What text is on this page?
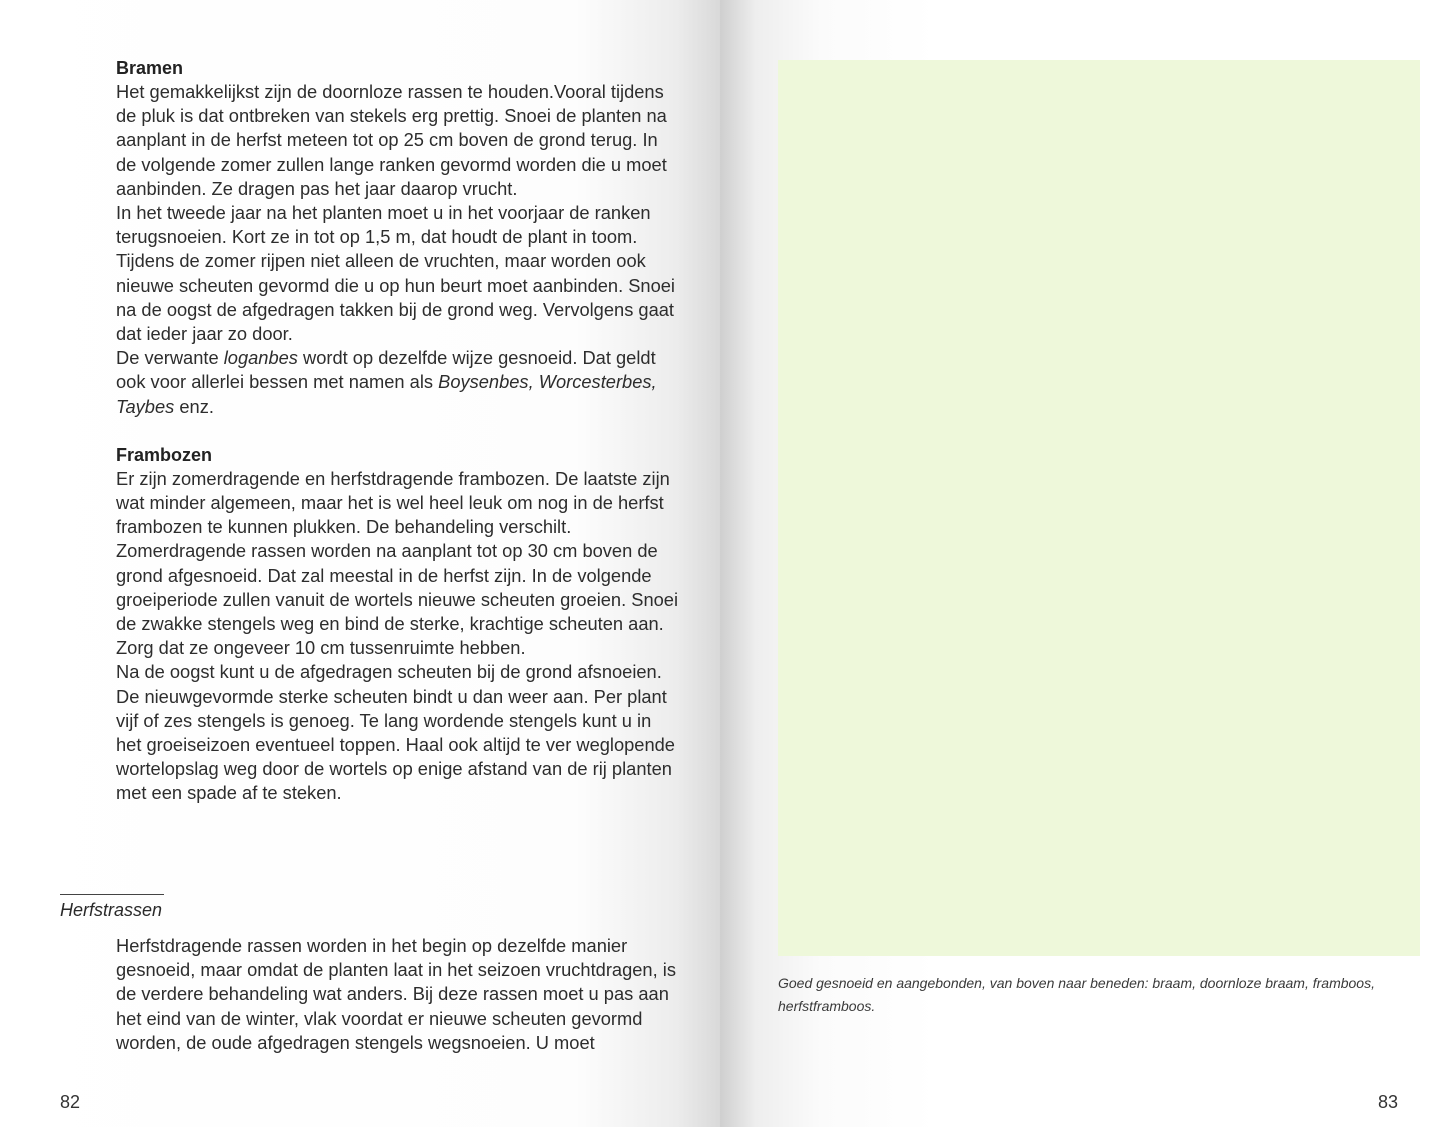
Bramen

Het gemakkelijkst zijn de doornloze rassen te houden.Vooral tijdens de pluk is dat ontbreken van stekels erg prettig. Snoei de planten na aanplant in de herfst meteen tot op 25 cm boven de grond terug. In de volgende zomer zullen lange ranken gevormd worden die u moet aanbinden. Ze dragen pas het jaar daarop vrucht.

In het tweede jaar na het planten moet u in het voorjaar de ranken terugsnoeien. Kort ze in tot op 1,5 m, dat houdt de plant in toom. Tijdens de zomer rijpen niet alleen de vruchten, maar worden ook nieuwe scheuten gevormd die u op hun beurt moet aanbinden. Snoei na de oogst de afgedragen takken bij de grond weg. Vervolgens gaat dat ieder jaar zo door.

De verwante loganbes wordt op dezelfde wijze gesnoeid. Dat geldt ook voor allerlei bessen met namen als Boysenbes, Worcesterbes, Taybes enz.

Frambozen

Er zijn zomerdragende en herfstdragende frambozen. De laatste zijn wat minder algemeen, maar het is wel heel leuk om nog in de herfst frambozen te kunnen plukken. De behandeling verschilt. Zomerdragende rassen worden na aanplant tot op 30 cm boven de grond afgesnoeid. Dat zal meestal in de herfst zijn. In de volgende groeiperiode zullen vanuit de wortels nieuwe scheuten groeien. Snoei de zwakke stengels weg en bind de sterke, krachtige scheuten aan. Zorg dat ze ongeveer 10 cm tussenruimte hebben.

Na de oogst kunt u de afgedragen scheuten bij de grond afsnoeien. De nieuwgevormde sterke scheuten bindt u dan weer aan. Per plant vijf of zes stengels is genoeg. Te lang wordende stengels kunt u in het groeiseizoen eventueel toppen. Haal ook altijd te ver weglopende wortelopslag weg door de wortels op enige afstand van de rij planten met een spade af te steken.

Herfstrassen
Herfstdragende rassen worden in het begin op dezelfde manier gesnoeid, maar omdat de planten laat in het seizoen vruchtdragen, is de verdere behandeling wat anders. Bij deze rassen moet u pas aan het eind van de winter, vlak voordat er nieuwe scheuten gevormd worden, de oude afgedragen stengels wegsnoeien. U moet
82
Goed gesnoeid en aangebonden, van boven naar beneden: braam, doornloze braam, framboos, herfstframboos.
83
